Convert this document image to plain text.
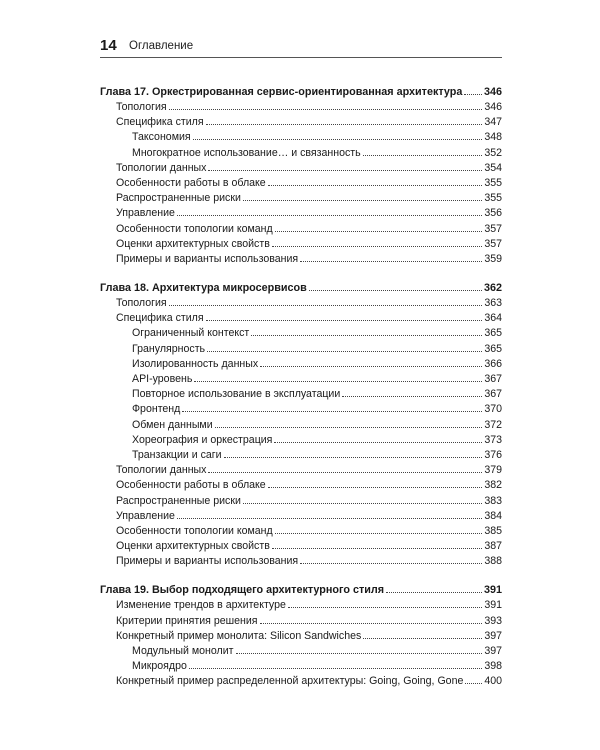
14 Оглавление
Глава 17. Оркестрированная сервис-ориентированная архитектура 346
Топология	346
Специфика стиля	347
Таксономия	348
Многократное использование… и связанность	352
Топологии данных	354
Особенности работы в облаке	355
Распространенные риски	355
Управление	356
Особенности топологии команд	357
Оценки архитектурных свойств	357
Примеры и варианты использования	359
Глава 18. Архитектура микросервисов	362
Топология	363
Специфика стиля	364
Ограниченный контекст	365
Гранулярность	365
Изолированность данных	366
API-уровень	367
Повторное использование в эксплуатации	367
Фронтенд	370
Обмен данными	372
Хореография и оркестрация	373
Транзакции и саги	376
Топологии данных	379
Особенности работы в облаке	382
Распространенные риски	383
Управление	384
Особенности топологии команд	385
Оценки архитектурных свойств	387
Примеры и варианты использования	388
Глава 19. Выбор подходящего архитектурного стиля	391
Изменение трендов в архитектуре	391
Критерии принятия решения	393
Конкретный пример монолита: Silicon Sandwiches	397
Модульный монолит	397
Микроядро	398
Конкретный пример распределенной архитектуры: Going, Going, Gone 400
